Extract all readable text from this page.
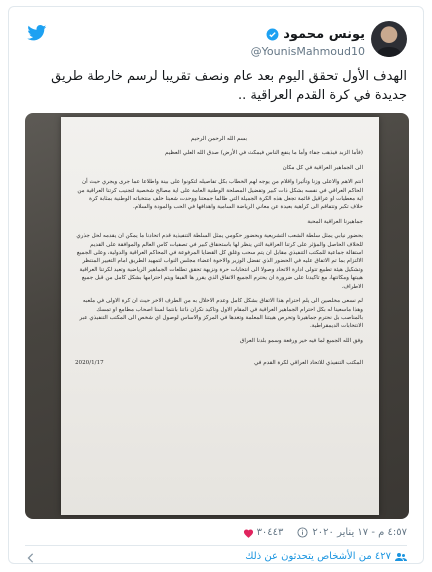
يونس محمود
@YounisMahmoud10
الهدف الأول تحقق اليوم بعد عام ونصف تقريبا لرسم خارطة طريق جديدة في كرة القدم العراقية ..

بسم الله الرحمن الرحيم

(فأما الزبد فيذهب جفاء وأما ما ينفع الناس فيمكث في الأرض) صدق الله العلي العظيم

الى الجماهير العراقية في كل مكان

انتم الاهم والاعلى وزنا وتأثيرا واقلام من يوجه لهم الخطاب بكل تفاصيله لتكونوا على بينة واطلاعا عما جرى ويجري حيث أن الحاكم العراقي في نفسه بشكل ذات كبير وتفضيل المصلحة الوطنية العامة على اية مصالح شخصية لتجنيب كرتنا العراقية من اية معطيات او عراقيل قائمة تجعل هذه الكرة الجميلة التي طالما جمعتنا ووحدت شعبنا خلف منتخباته الوطنية بمثابة كرة خلاف تكبر وتتفاقم الى كراهية بعيدة عن معاني الرياضة السامية واهدافها في الحب والمودة والسلام.

جماهيرنا العراقية المحبة

بحضور نيابي يمثل سلطة الشعب التشريعية وبحضور حكومي يمثل السلطة التنفيذية قدم اتحادنا ما يمكن ان يقدمه لحل جذري للخلاف الحاصل والمؤثر على كرتنا العراقية التي ينظر لها باستحقاق كبير في تصفيات كاس العالم والموافقة على القديم استقالة جماعية للمكتب التنفيذي مقابل ان يتم سحب وغلق كل القضايا المرفوعة في المحاكم العراقية والدولية، وعلى الجميع الالتزام بما تم الاتفاق عليه في الحضور الذي تفضل الوزير والاخوة اعضاء مجلس النواب لتمهيد الطريق امام التغيير المنتظر وتشكيل هيئة تطبيع تتولى ادارة الاتحاد وصولا الى انتخابات حرة ونزيهة تحقق تطلعات الجماهير الرياضية وتعيد لكرتنا العراقية هيبتها ومكانتها، مع تاكيدنا على ضرورة ان يحترم الجميع الاتفاق الذي يقرر ها الفيفا ويتم احترامها بشكل كامل من قبل جميع الاطراف.

لم نسعى مخلصين الى يلم احترام هذا الاتفاق بشكل كامل وعدم الاخلال به من الطرف الاخر حيث ان كرة الاولى في ملعبه وهذا ماسعينا له بكل احترام الجماهير العراقية في المقام الاول وتاكيد نكران ذاتنا بانتما لسنا اصحاب مطامع او تمسك بالمناصب بل نحترم جماهيرنا وتحرص هيبتنا المعلمة وتغدها في المركز والاساس لوصول اي شخص الى المكتب التنفيذي عبر الانتخابات الديمقراطية.

وفق الله الجميع لما فيه خير ورفعة وسمو بلدنا العراق

المكتب التنفيذي للاتحاد العراقي لكرة القدم في
2020/1/17
٤:٥٧ م - ١٧ يناير ٢٠٢٠
٣٠٤٤٣
٤٢٧ من الأشخاص يتحدثون عن ذلك
